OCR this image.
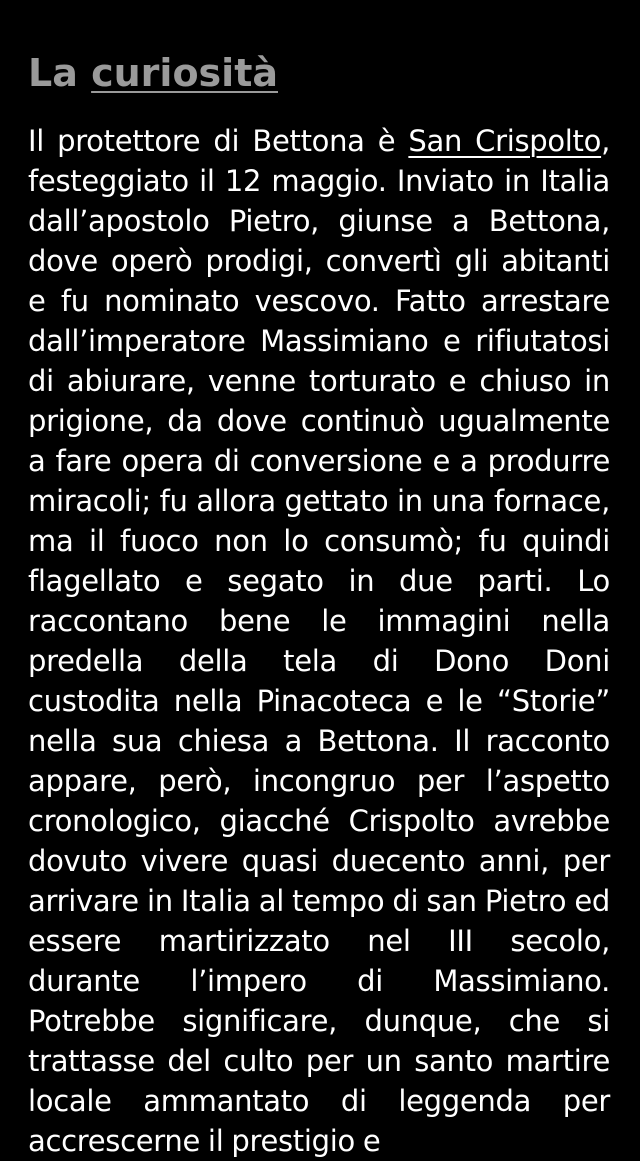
La curiosità

Il protettore di Bettona è San Crispolto, festeggiato il 12 maggio. Inviato in Italia dall’apostolo Pietro, giunse a Bettona, dove operò prodigi, convertì gli abitanti e fu nominato vescovo. Fatto arrestare dall’imperatore Massimiano e rifiutatosi di abiurare, venne torturato e chiuso in prigione, da dove continuò ugualmente a fare opera di conversione e a produrre miracoli; fu allora gettato in una fornace, ma il fuoco non lo consumò; fu quindi flagellato e segato in due parti. Lo raccontano bene le immagini nella predella della tela di Dono Doni custodita nella Pinacoteca e le “Storie” nella sua chiesa a Bettona. Il racconto appare, però, incongruo per l’aspetto cronologico, giacché Crispolto avrebbe dovuto vivere quasi duecento anni, per arrivare in Italia al tempo di san Pietro ed essere martirizzato nel III secolo, durante l’impero di Massimiano. Potrebbe significare, dunque, che si trattasse del culto per un santo martire locale ammantato di leggenda per accrescerne il prestigio e
